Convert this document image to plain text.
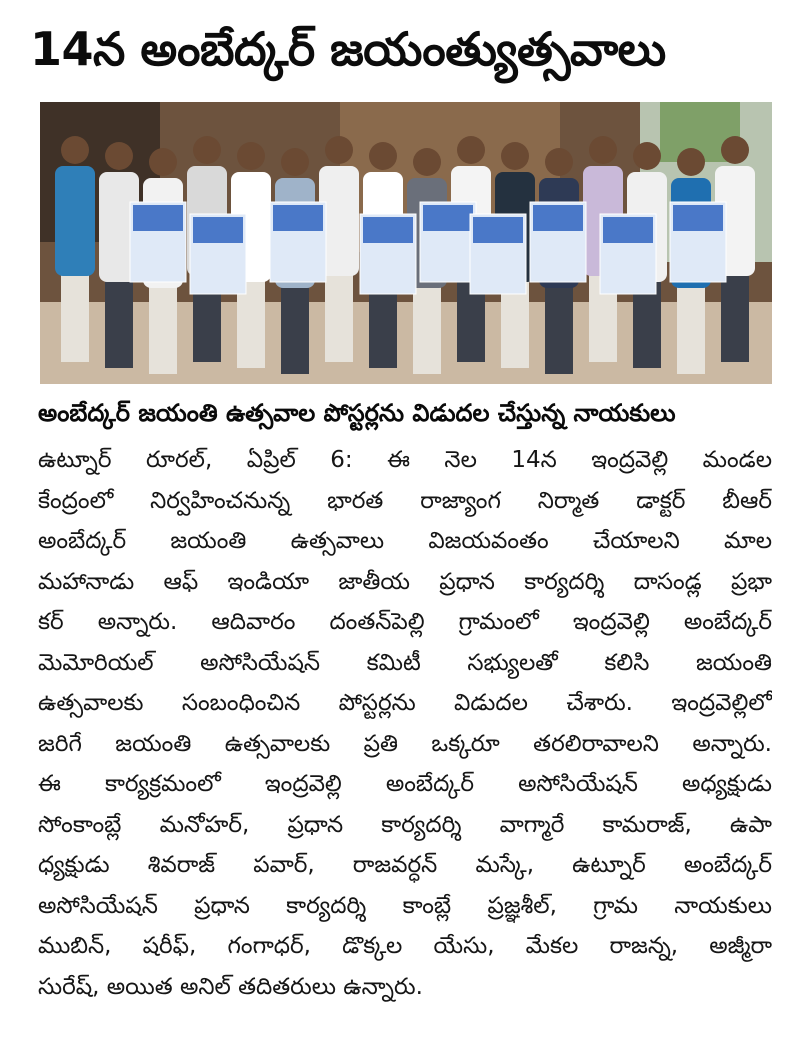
14న అంబేద్కర్ జయంత్యుత్సవాలు
అంబేద్కర్ జయంతి ఉత్సవాల పోస్టర్లను విడుదల చేస్తున్న నాయకులు
ఉట్నూర్ రూరల్, ఏప్రిల్ 6: ఈ నెల 14న ఇంద్రవెల్లి మండల
కేంద్రంలో నిర్వహించనున్న భారత రాజ్యాంగ నిర్మాత డాక్టర్ బీఆర్
అంబేద్కర్ జయంతి ఉత్సవాలు విజయవంతం చేయాలని మాల
మహానాడు ఆఫ్ ఇండియా జాతీయ ప్రధాన కార్యదర్శి దాసండ్ల ప్రభా
కర్ అన్నారు. ఆదివారం దంతన్‌పెల్లి గ్రామంలో ఇంద్రవెల్లి అంబేద్కర్
మెమోరియల్ అసోసియేషన్ కమిటీ సభ్యులతో కలిసి జయంతి
ఉత్సవాలకు సంబంధించిన పోస్టర్లను విడుదల చేశారు. ఇంద్రవెల్లిలో
జరిగే జయంతి ఉత్సవాలకు ప్రతి ఒక్కరూ తరలిరావాలని అన్నారు.
ఈ కార్యక్రమంలో ఇంద్రవెల్లి అంబేద్కర్ అసోసియేషన్ అధ్యక్షుడు
సోంకాంబ్లే మనోహర్, ప్రధాన కార్యదర్శి వాగ్మారే కామరాజ్, ఉపా
ధ్యక్షుడు శివరాజ్ పవార్, రాజవర్ధన్ మస్కే, ఉట్నూర్ అంబేద్కర్
అసోసియేషన్ ప్రధాన కార్యదర్శి కాంబ్లే ప్రజ్ఞశీల్, గ్రామ నాయకులు
ముబిన్, షరీఫ్, గంగాధర్, డొక్కల యేసు, మేకల రాజన్న, అజ్మీరా
సురేష్, అయిత అనిల్ తదితరులు ఉన్నారు.
